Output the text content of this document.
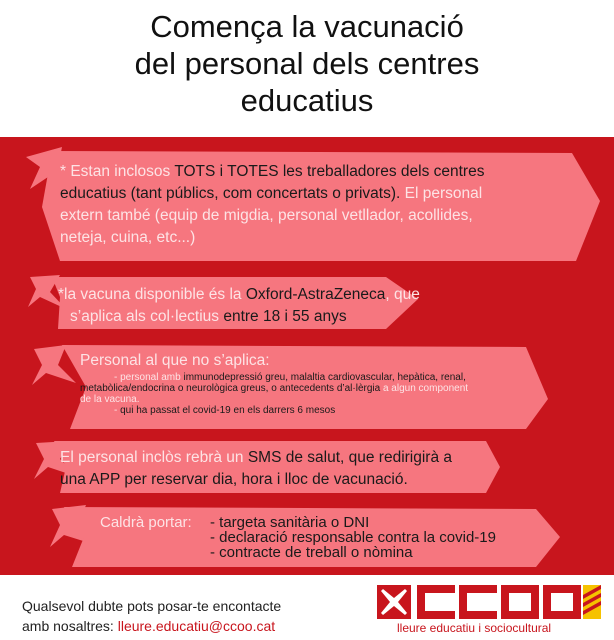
Comença la vacunació
del personal dels centres
educatius
* Estan inclosos TOTS i TOTES les treballadores dels centres
educatius (tant públics, com concertats o privats). El personal
extern també (equip de migdia, personal vetllador, acollides,
neteja, cuina, etc...)
*la vacuna disponible és la Oxford-AstraZeneca, que
s’aplica als col·lectius entre 18 i 55 anys
Personal al que no s’aplica:
- personal amb immunodepressió greu, malaltia cardiovascular, hepàtica, renal,
metabòlica/endocrina o neurològica greus, o antecedents d’al·lèrgia a algun component
de la vacuna.
- qui ha passat el covid-19 en els darrers 6 mesos
El personal inclòs rebrà un SMS de salut, que redirigirà a
una APP per reservar dia, hora i lloc de vacunació.
Caldrà portar: - targeta sanitària o DNI
- declaració responsable contra la covid-19
- contracte de treball o nòmina
Qualsevol dubte pots posar-te encontacte
amb nosaltres: lleure.educatiu@ccoo.cat	lleure educatiu i sociocultural
